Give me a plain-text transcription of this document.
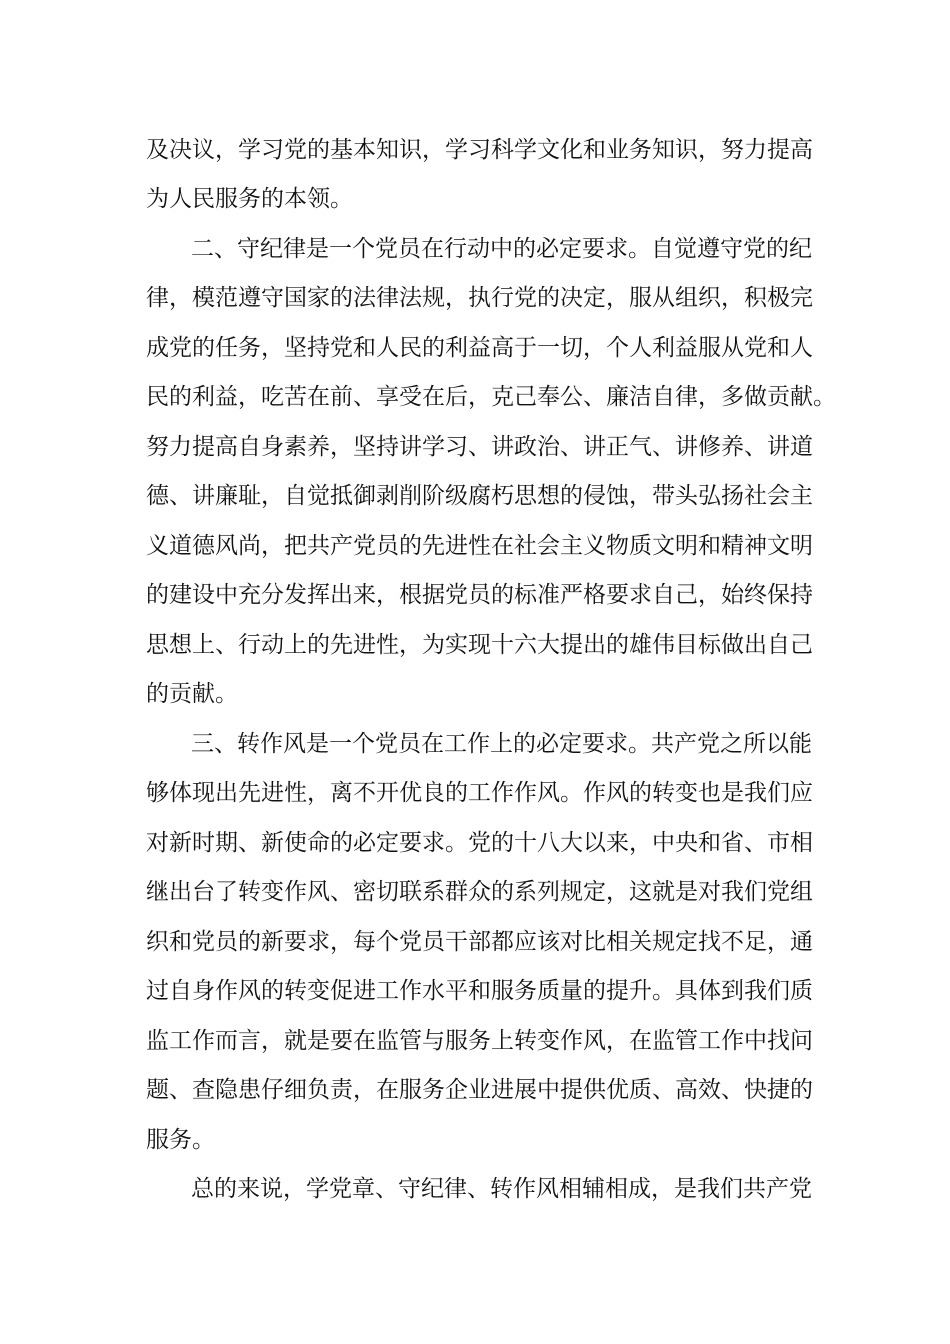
及决议，学习党的基本知识，学习科学文化和业务知识，努力提高
为人民服务的本领。
二、守纪律是一个党员在行动中的必定要求。自觉遵守党的纪
律，模范遵守国家的法律法规，执行党的决定，服从组织，积极完
成党的任务，坚持党和人民的利益高于一切，个人利益服从党和人
民的利益，吃苦在前、享受在后，克己奉公、廉洁自律，多做贡献。
努力提高自身素养，坚持讲学习、讲政治、讲正气、讲修养、讲道
德、讲廉耻，自觉抵御剥削阶级腐朽思想的侵蚀，带头弘扬社会主
义道德风尚，把共产党员的先进性在社会主义物质文明和精神文明
的建设中充分发挥出来，根据党员的标准严格要求自己，始终保持
思想上、行动上的先进性，为实现十六大提出的雄伟目标做出自己
的贡献。
三、转作风是一个党员在工作上的必定要求。共产党之所以能
够体现出先进性，离不开优良的工作作风。作风的转变也是我们应
对新时期、新使命的必定要求。党的十八大以来，中央和省、市相
继出台了转变作风、密切联系群众的系列规定，这就是对我们党组
织和党员的新要求，每个党员干部都应该对比相关规定找不足，通
过自身作风的转变促进工作水平和服务质量的提升。具体到我们质
监工作而言，就是要在监管与服务上转变作风，在监管工作中找问
题、查隐患仔细负责，在服务企业进展中提供优质、高效、快捷的
服务。
总的来说，学党章、守纪律、转作风相辅相成，是我们共产党
